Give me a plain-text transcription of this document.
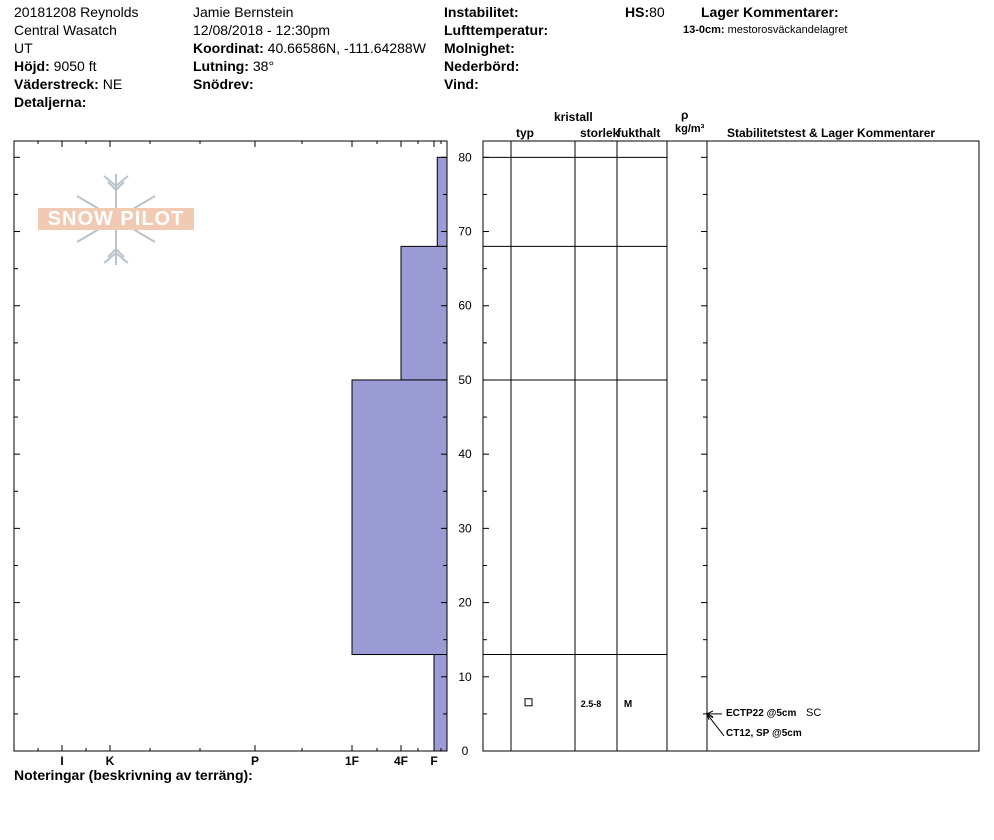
20181208 Reynolds
Central Wasatch
UT
Höjd: 9050 ft
Väderstreck: NE
Detaljerna:
Jamie Bernstein
12/08/2018 - 12:30pm
Koordinat: 40.66586N, -111.64288W
Lutning: 38°
Snödrev:
Instabilitet:
Lufttemperatur:
Molnighet:
Nederbörd:
Vind:
HS:80	Lager Kommentarer:
13-0cm: mestorosväckandelagret
SNOW PILOT
kristall
typ	storlek
fukthalt
ρ
kg/m³ Stabilitetstest & Lager Kommentarer
0
10
20
30
40
50
60
70
80
I	K	P	1F	4F F
2.5-8 M
ECTP22 @5cm SC
CT12, SP @5cm
Noteringar (beskrivning av terräng):
